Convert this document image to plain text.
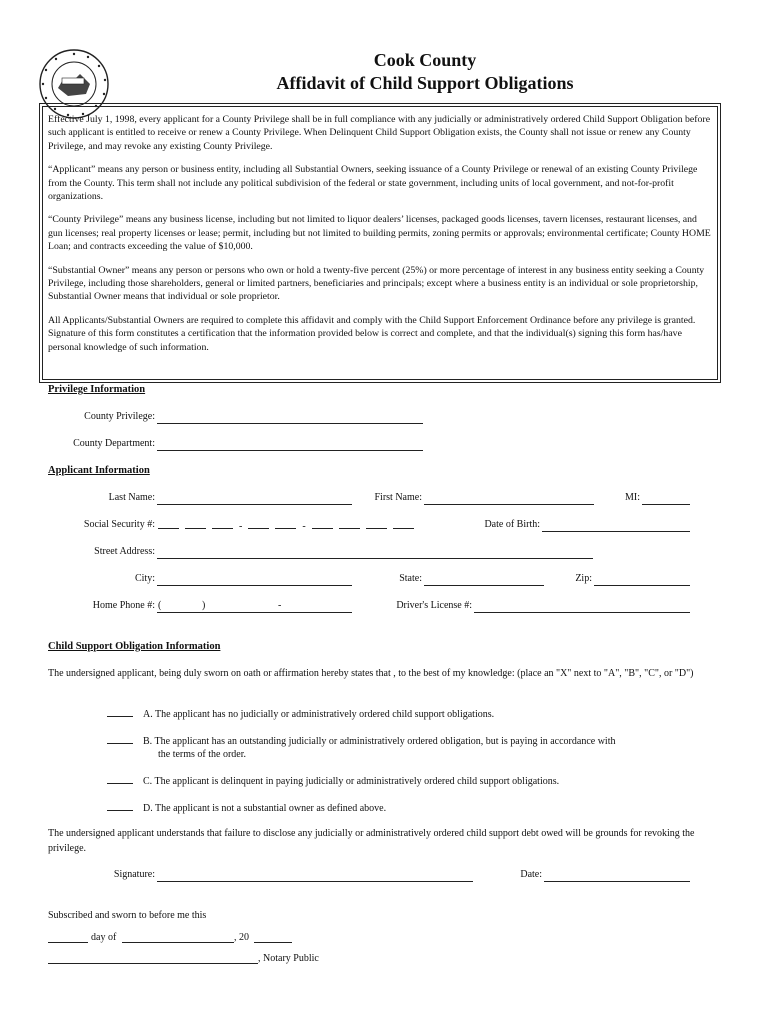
Cook County
Affidavit of Child Support Obligations

Effective July 1, 1998, every applicant for a County Privilege shall be in full compliance with any judicially or administratively ordered Child Support Obligation before such applicant is entitled to receive or renew a County Privilege. When Delinquent Child Support Obligation exists, the County shall not issue or renew any County Privilege, and may revoke any existing County Privilege.

“Applicant” means any person or business entity, including all Substantial Owners, seeking issuance of a County Privilege or renewal of an existing County Privilege from the County. This term shall not include any political subdivision of the federal or state government, including units of local government, and not-for-profit organizations.

“County Privilege” means any business license, including but not limited to liquor dealers’ licenses, packaged goods licenses, tavern licenses, restaurant licenses, and gun licenses; real property licenses or lease; permit, including but not limited to building permits, zoning permits or approvals; environmental certificate; County HOME Loan; and contracts exceeding the value of $10,000.

“Substantial Owner” means any person or persons who own or hold a twenty-five percent (25%) or more percentage of interest in any business entity seeking a County Privilege, including those shareholders, general or limited partners, beneficiaries and principals; except where a business entity is an individual or sole proprietorship, Substantial Owner means that individual or sole proprietor.

All Applicants/Substantial Owners are required to complete this affidavit and comply with the Child Support Enforcement Ordinance before any privilege is granted. Signature of this form constitutes a certification that the information provided below is correct and complete, and that the individual(s) signing this form has/have personal knowledge of such information.

Privilege Information
County Privilege:
County Department:
Applicant Information
Last Name:	First Name:	MI:
Social Security #:	-	-	Date of Birth:
Street Address:
City:	State:	Zip:
Home Phone #: (	)	-	Driver's License #:
Child Support Obligation Information
The undersigned applicant, being duly sworn on oath or affirmation hereby states that , to the best of my knowledge: (place an "X" next to "A", "B", "C", or "D")
A. The applicant has no judicially or administratively ordered child support obligations.
B. The applicant has an outstanding judicially or administratively ordered obligation, but is paying in accordance with
the terms of the order.
C. The applicant is delinquent in paying judicially or administratively ordered child support obligations.
D. The applicant is not a substantial owner as defined above.
The undersigned applicant understands that failure to disclose any judicially or administratively ordered child support debt owed will be grounds for revoking the privilege.
Signature:	Date:
Subscribed and sworn to before me this
day of	, 20
, Notary Public
